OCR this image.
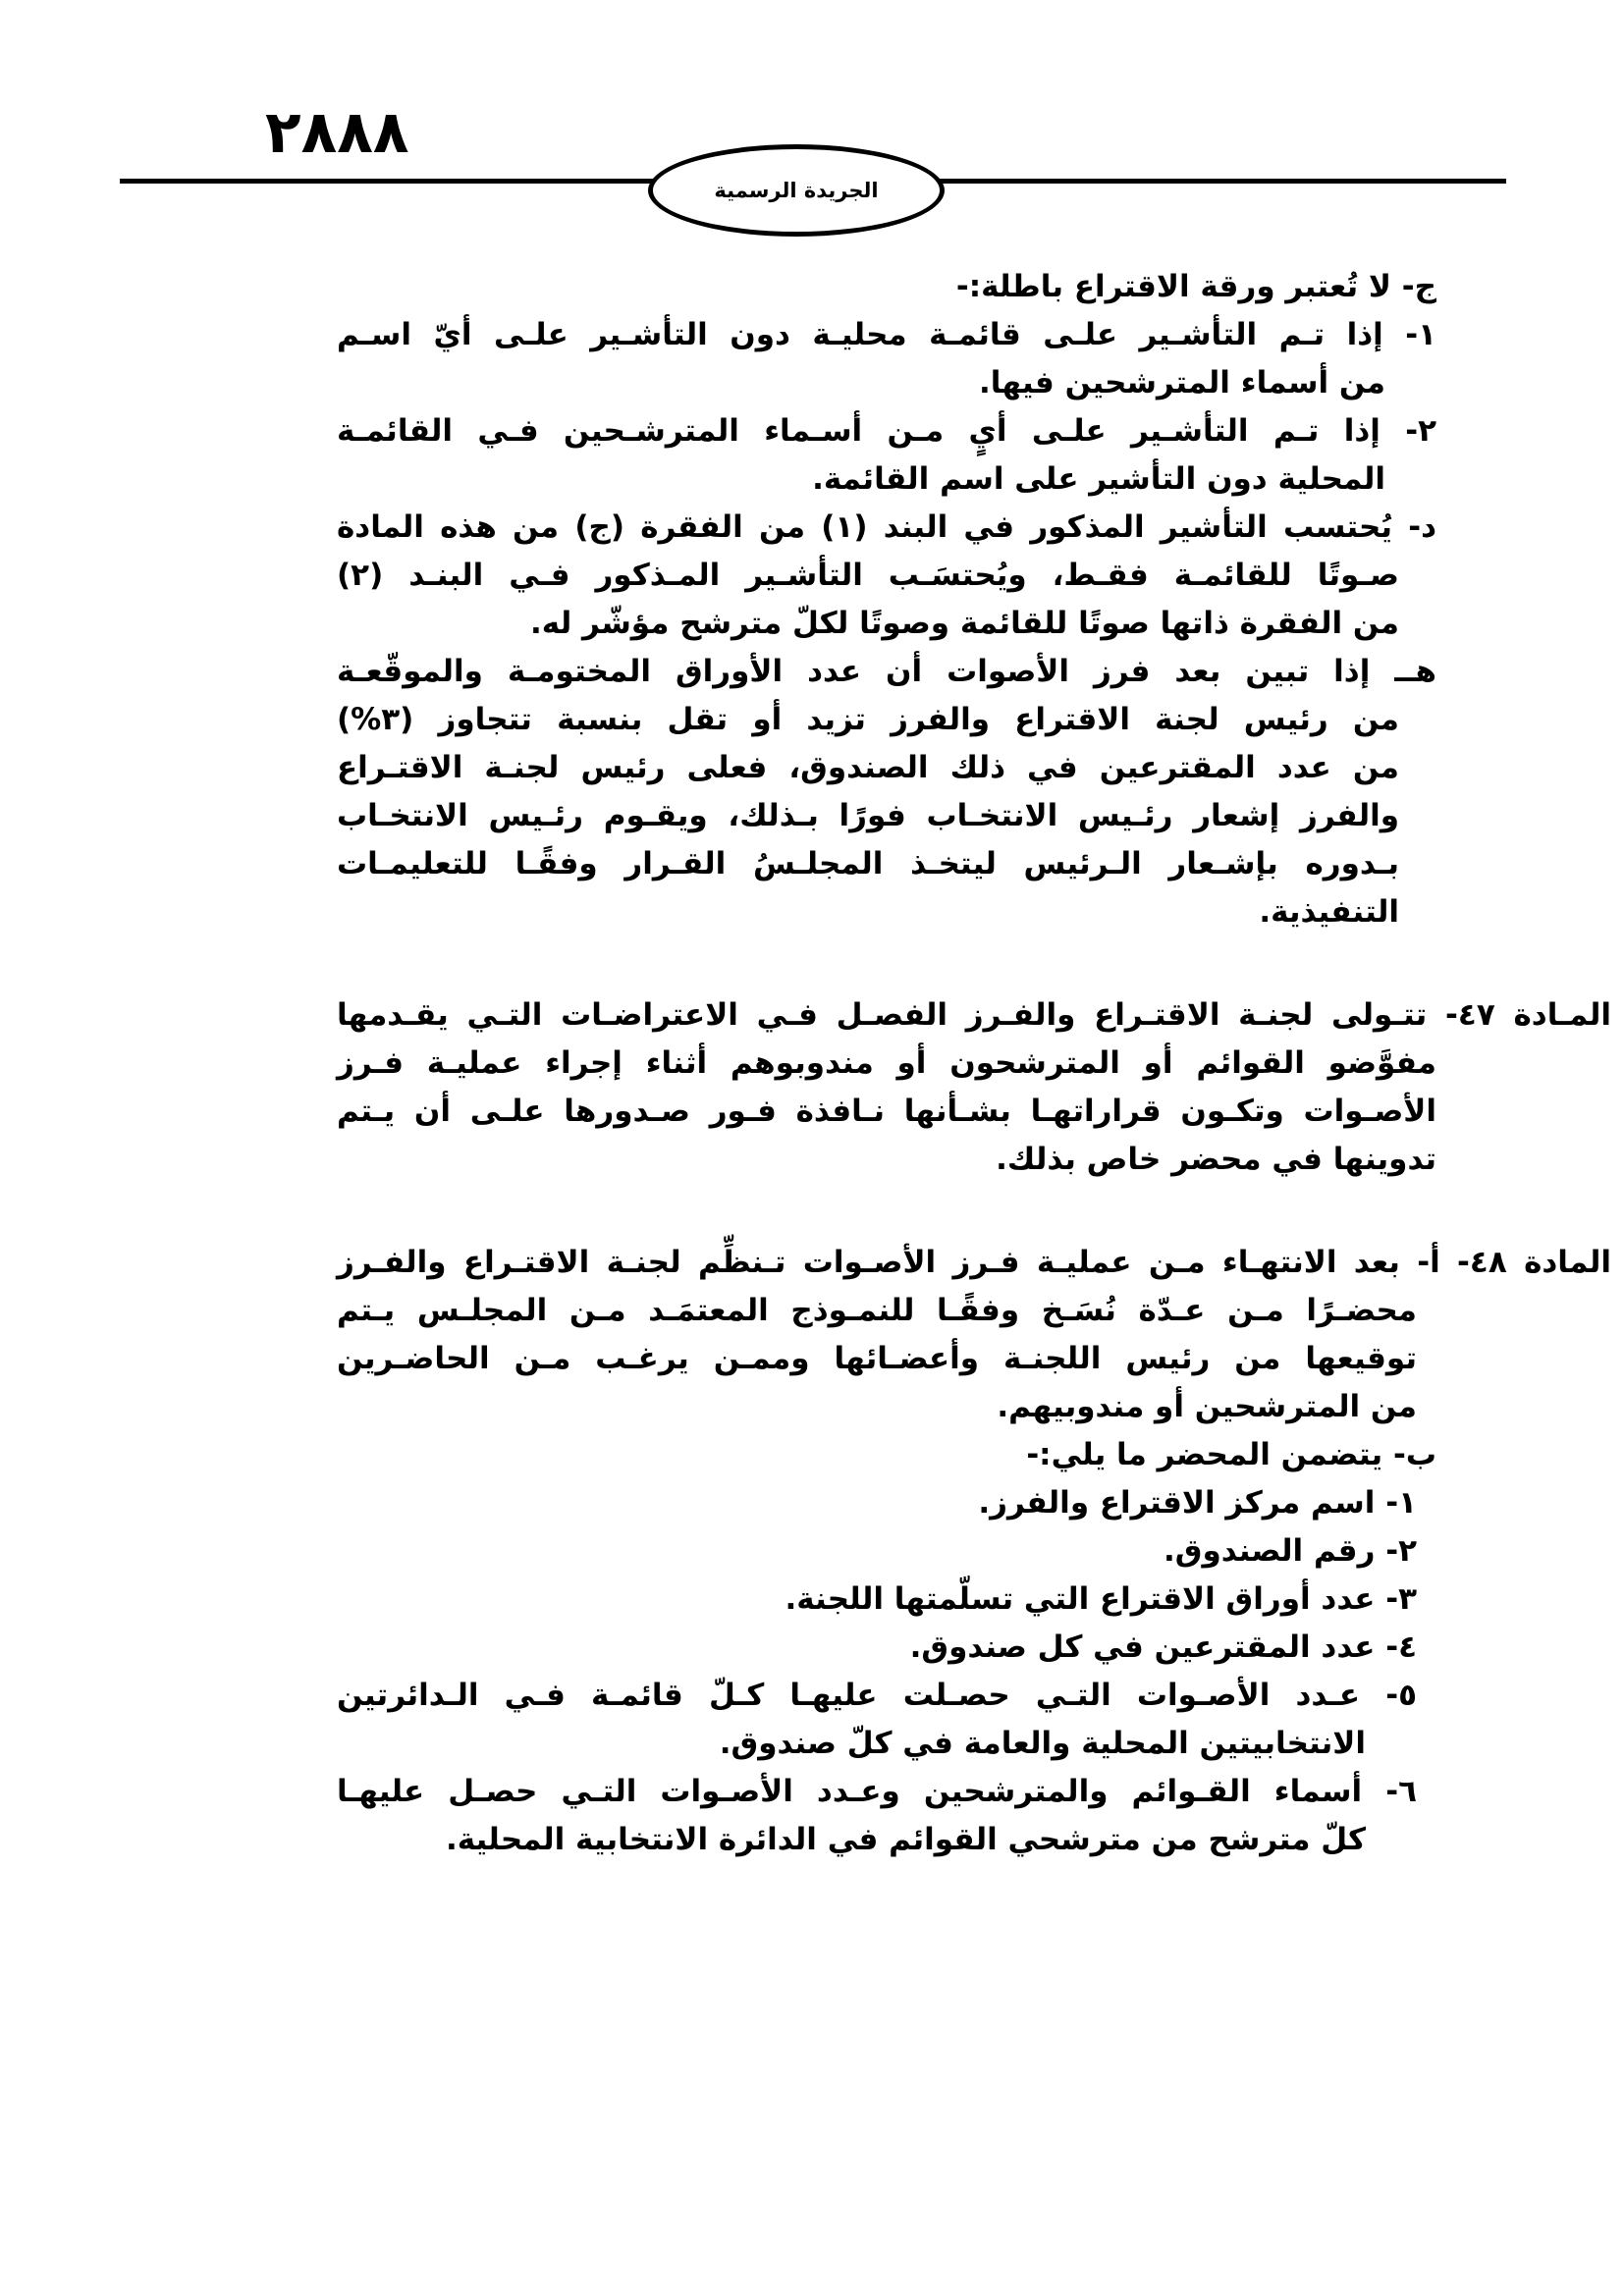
٢٨٨٨
الجريدة الرسمية
ج- لا تُعتبر ورقة الاقتراع باطلة:-
١- إذا تـم التأشـير علـى قائمـة محليـة دون التأشـير علـى أيّ اسـم
من أسماء المترشحين فيها.
٢- إذا تـم التأشـير علـى أيٍ مـن أسـماء المترشـحين فـي القائمـة
المحلية دون التأشير على اسم القائمة.
د- يُحتسب التأشير المذكور في البند (١) من الفقرة (ج) من هذه المادة
صـوتًا للقائمـة فقـط، ويُحتسَـب التأشـير المـذكور فـي البنـد (٢)
من الفقرة ذاتها صوتًا للقائمة وصوتًا لكلّ مترشح مؤشّر له.
هــ إذا تبين بعد فرز الأصوات أن عدد الأوراق المختومـة والموقّعـة
من رئيس لجنة الاقتراع والفرز تزيد أو تقل بنسبة تتجاوز (٣%)
من عدد المقترعين في ذلك الصندوق، فعلى رئيس لجنـة الاقتـراع
والفرز إشعار رئـيس الانتخـاب فورًا بـذلك، ويقـوم رئـيس الانتخـاب
بـدوره بإشـعار الـرئيس ليتخـذ المجلـسُ القـرار وفقًـا للتعليمـات
التنفيذية.
المـادة ٤٧- تتـولى لجنـة الاقتـراع والفـرز الفصـل فـي الاعتراضـات التـي يقـدمها
مفوَّضو القوائم أو المترشحون أو مندوبوهم أثناء إجراء عمليـة فـرز
الأصـوات وتكـون قراراتهـا بشـأنها نـافذة فـور صـدورها علـى أن يـتم
تدوينها في محضر خاص بذلك.
المادة ٤٨- أ- بعد الانتهـاء مـن عمليـة فـرز الأصـوات تـنظِّم لجنـة الاقتـراع والفـرز
محضـرًا مـن عـدّة نُسَـخ وفقًـا للنمـوذج المعتمَـد مـن المجلـس يـتم
توقيعها من رئيس اللجنـة وأعضـائها وممـن يرغـب مـن الحاضـرين
من المترشحين أو مندوبيهم.
ب- يتضمن المحضر ما يلي:-
١- اسم مركز الاقتراع والفرز.
٢- رقم الصندوق.
٣- عدد أوراق الاقتراع التي تسلّمتها اللجنة.
٤- عدد المقترعين في كل صندوق.
٥- عـدد الأصـوات التـي حصـلت عليهـا كـلّ قائمـة فـي الـدائرتين
الانتخابيتين المحلية والعامة في كلّ صندوق.
٦- أسماء القـوائم والمترشحين وعـدد الأصـوات التـي حصـل عليهـا
كلّ مترشح من مترشحي القوائم في الدائرة الانتخابية المحلية.
